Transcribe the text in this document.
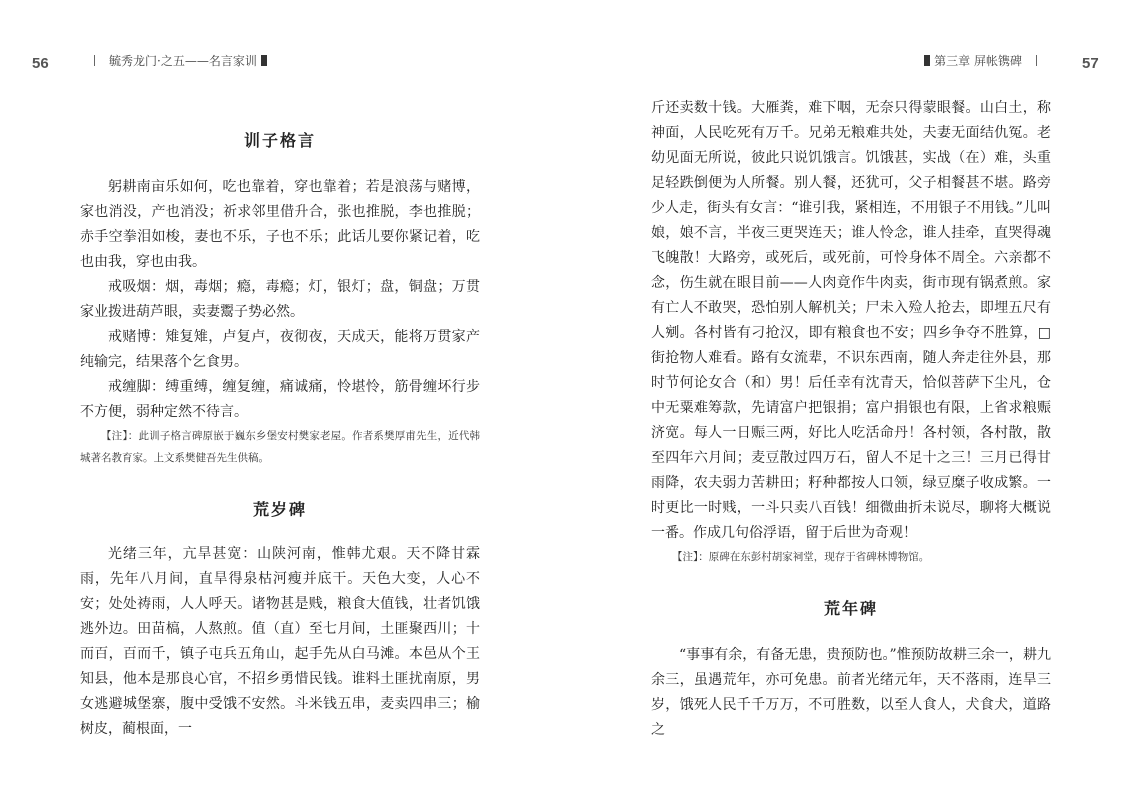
56	毓秀龙门·之五——名言家训	第三章 屏帐镌碑	57
训子格言

躬耕南亩乐如何，吃也靠着，穿也靠着；若是浪荡与赌博，家也消没，产也消没；祈求邻里借升合，张也推脱，李也推脱；赤手空拳泪如梭，妻也不乐，子也不乐；此话儿要你紧记着，吃也由我，穿也由我。

戒吸烟：烟，毒烟；瘾，毒瘾；灯，银灯；盘，铜盘；万贯家业拨进葫芦眼，卖妻鬻子势必然。

戒赌博：雉复雉，卢复卢，夜彻夜，天成天，能将万贯家产纯输完，结果落个乞食男。

戒缠脚：缚重缚，缠复缠，痛诚痛，怜堪怜，筋骨缠坏行步不方便，弱种定然不待言。

【注】：此训子格言碑原嵌于巍东乡堡安村樊家老屋。作者系樊厚甫先生，近代韩城著名教育家。上文系樊健吾先生供稿。

荒岁碑

光绪三年，亢旱甚宽：山陕河南，惟韩尤艰。天不降甘霖雨，先年八月间，直旱得泉枯河瘦并底干。天色大变，人心不安；处处祷雨，人人呼天。诸物甚是贱，粮食大值钱，壮者饥饿逃外边。田苗槁，人熬煎。值（直）至七月间，土匪聚西川；十而百，百而千，镇子屯兵五角山，起手先从白马滩。本邑从个王知县，他本是那良心官，不招乡勇惜民钱。谁料土匪扰南原，男女逃避城堡寨，腹中受饿不安然。斗米钱五串，麦卖四串三；榆树皮，蔺根面，一

斤还卖数十钱。大雁粪，难下咽，无奈只得蒙眼餐。山白土，称神面，人民吃死有万千。兄弟无粮难共处，夫妻无面结仇冤。老幼见面无所说，彼此只说饥饿言。饥饿甚，实战（在）难，头重足轻跌倒便为人所餐。别人餐，还犹可，父子相餐甚不堪。路旁少人走，街头有女言：“谁引我，紧相连，不用银子不用钱。”儿叫娘，娘不言，半夜三更哭连天；谁人怜念，谁人挂牵，直哭得魂飞魄散！大路旁，或死后，或死前，可怜身体不周全。六亲都不念，伤生就在眼目前——人肉竟作牛肉卖，街市现有锅煮煎。家有亡人不敢哭，恐怕别人解机关；尸未入殓人抢去，即埋五尺有人剜。各村皆有刁抢汉，即有粮食也不安；四乡争夺不胜算，□街抢物人难看。路有女流辈，不识东西南，随人奔走往外县，那时节何论女合（和）男！后任幸有沈青天，恰似菩萨下尘凡，仓中无粟难筹款，先请富户把银捐；富户捐银也有限，上省求粮赈济宽。每人一日赈三两，好比人吃活命丹！各村领，各村散，散至四年六月间；麦豆散过四万石，留人不足十之三！三月已得甘雨降，农夫弱力苦耕田；籽种都按人口领，绿豆糜子收成繁。一时更比一时贱，一斗只卖八百钱！细微曲折未说尽，聊将大概说一番。作成几句俗浮语，留于后世为奇观！

【注】：原碑在东彭村胡家祠堂，现存于省碑林博物馆。

荒年碑

“事事有余，有备无患，贵预防也。”惟预防故耕三余一，耕九余三，虽遇荒年，亦可免患。前者光绪元年，天不落雨，连旱三岁，饿死人民千千万万，不可胜数，以至人食人，犬食犬，道路之
